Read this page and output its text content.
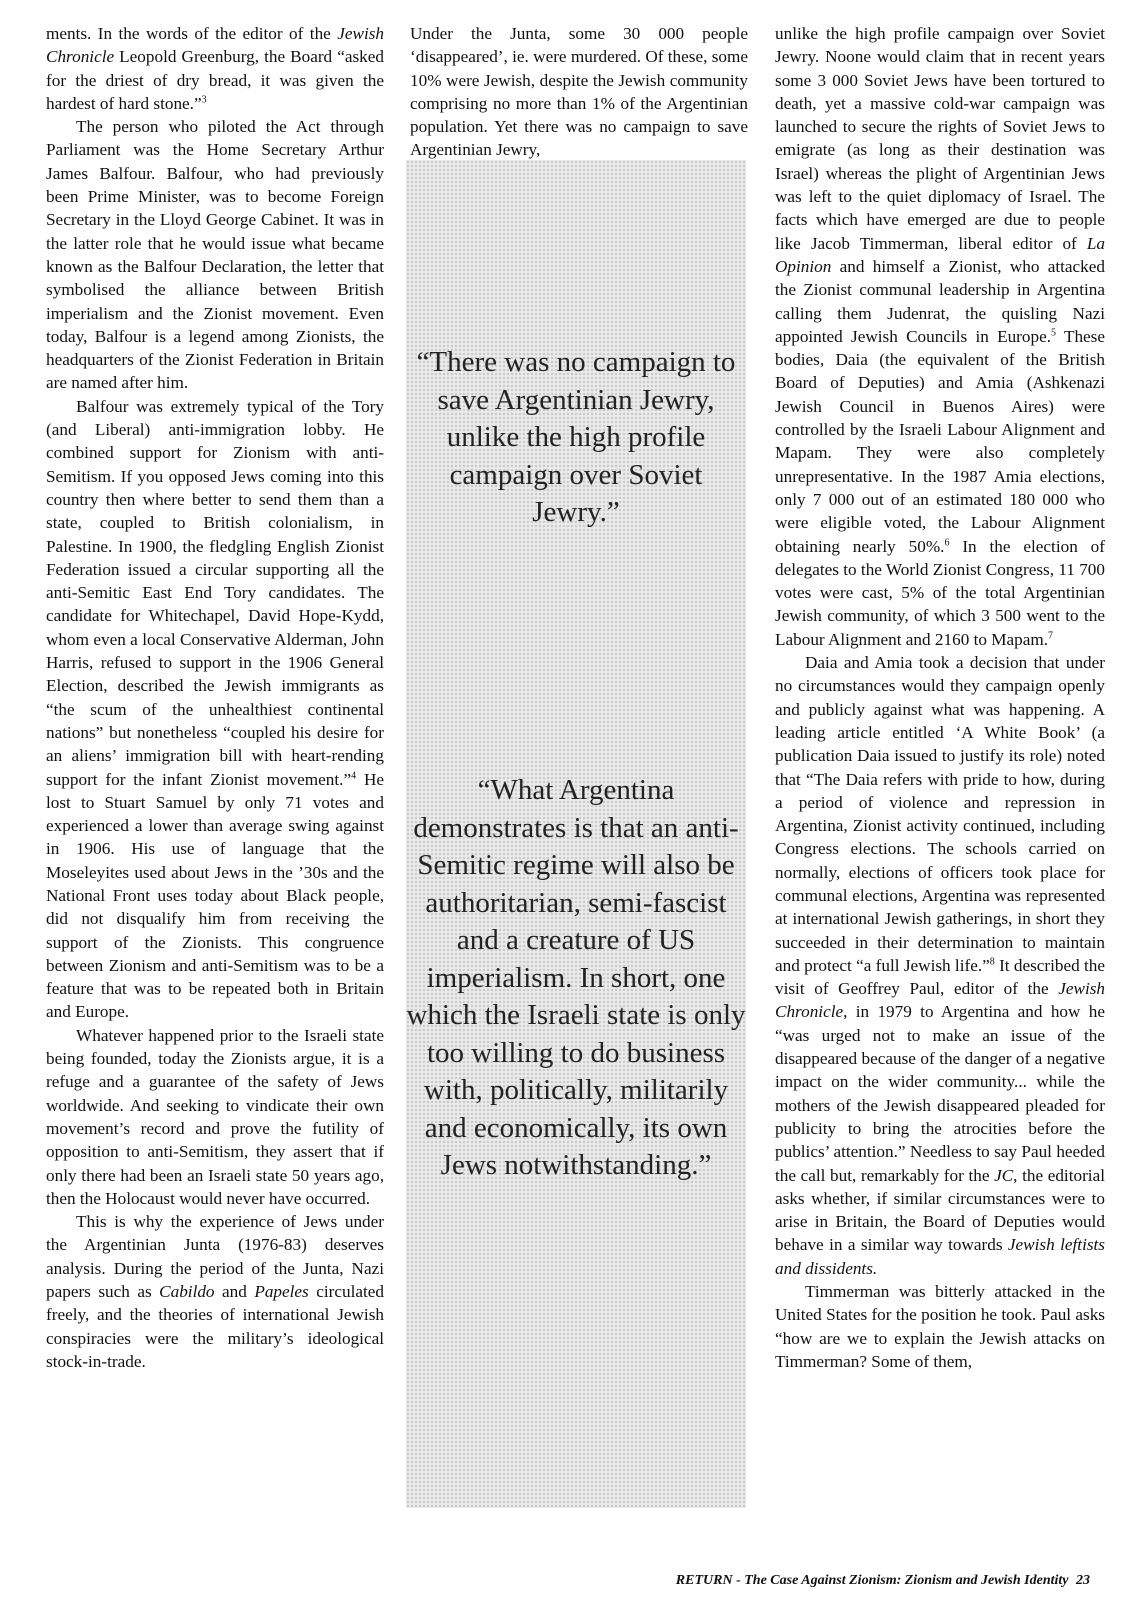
ments. In the words of the editor of the Jewish Chronicle Leopold Greenburg, the Board “asked for the driest of dry bread, it was given the hardest of hard stone.”$^3$

The person who piloted the Act through Parliament was the Home Secretary Arthur James Balfour. Balfour, who had previously been Prime Minister, was to become Foreign Secretary in the Lloyd George Cabinet. It was in the latter role that he would issue what became known as the Balfour Declaration, the letter that symbolised the alliance between British imperialism and the Zionist movement. Even today, Balfour is a legend among Zionists, the headquarters of the Zionist Federation in Britain are named after him.

Balfour was extremely typical of the Tory (and Liberal) anti-immigration lobby. He combined support for Zionism with anti-Semitism. If you opposed Jews coming into this country then where better to send them than a state, coupled to British colonialism, in Palestine. In 1900, the fledgling English Zionist Federation issued a circular supporting all the anti-Semitic East End Tory candidates. The candidate for Whitechapel, David Hope-Kydd, whom even a local Conservative Alderman, John Harris, refused to support in the 1906 General Election, described the Jewish immigrants as “the scum of the unhealthiest continental nations” but nonetheless “coupled his desire for an aliens’ immigration bill with heart-rending support for the infant Zionist movement.”$^4$ He lost to Stuart Samuel by only 71 votes and experienced a lower than average swing against in 1906. His use of language that the Moseleyites used about Jews in the ’30s and the National Front uses today about Black people, did not disqualify him from receiving the support of the Zionists. This congruence between Zionism and anti-Semitism was to be a feature that was to be repeated both in Britain and Europe.

Whatever happened prior to the Israeli state being founded, today the Zionists argue, it is a refuge and a guarantee of the safety of Jews worldwide. And seeking to vindicate their own movement’s record and prove the futility of opposition to anti-Semitism, they assert that if only there had been an Israeli state 50 years ago, then the Holocaust would never have occurred.

This is why the experience of Jews under the Argentinian Junta (1976-83) deserves analysis. During the period of the Junta, Nazi papers such as Cabildo and Papeles circulated freely, and the theories of international Jewish conspiracies were the military’s ideological stock-in-trade.

Under the Junta, some 30 000 people ‘disappeared’, ie. were murdered. Of these, some 10% were Jewish, despite the Jewish community comprising no more than 1% of the Argentinian population. Yet there was no campaign to save Argentinian Jewry,

“There was no campaign to save Argentinian Jewry, unlike the high profile campaign over Soviet Jewry.”
“What Argentina demonstrates is that an anti-Semitic regime will also be authoritarian, semi-fascist and a creature of US imperialism. In short, one which the Israeli state is only too willing to do business with, politically, militarily and economically, its own Jews notwithstanding.”

unlike the high profile campaign over Soviet Jewry. Noone would claim that in recent years some 3 000 Soviet Jews have been tortured to death, yet a massive cold-war campaign was launched to secure the rights of Soviet Jews to emigrate (as long as their destination was Israel) whereas the plight of Argentinian Jews was left to the quiet diplomacy of Israel. The facts which have emerged are due to people like Jacob Timmerman, liberal editor of La Opinion and himself a Zionist, who attacked the Zionist communal leadership in Argentina calling them Judenrat, the quisling Nazi appointed Jewish Councils in Europe.$^5$ These bodies, Daia (the equivalent of the British Board of Deputies) and Amia (Ashkenazi Jewish Council in Buenos Aires) were controlled by the Israeli Labour Alignment and Mapam. They were also completely unrepresentative. In the 1987 Amia elections, only 7 000 out of an estimated 180 000 who were eligible voted, the Labour Alignment obtaining nearly 50%.$^6$ In the election of delegates to the World Zionist Congress, 11 700 votes were cast, 5% of the total Argentinian Jewish community, of which 3 500 went to the Labour Alignment and 2160 to Mapam.$^7$

Daia and Amia took a decision that under no circumstances would they campaign openly and publicly against what was happening. A leading article entitled ‘A White Book’ (a publication Daia issued to justify its role) noted that “The Daia refers with pride to how, during a period of violence and repression in Argentina, Zionist activity continued, including Congress elections. The schools carried on normally, elections of officers took place for communal elections, Argentina was represented at international Jewish gatherings, in short they succeeded in their determination to maintain and protect “a full Jewish life.”$^8$ It described the visit of Geoffrey Paul, editor of the Jewish Chronicle, in 1979 to Argentina and how he “was urged not to make an issue of the disappeared because of the danger of a negative impact on the wider community... while the mothers of the Jewish disappeared pleaded for publicity to bring the atrocities before the publics’ attention.” Needless to say Paul heeded the call but, remarkably for the JC, the editorial asks whether, if similar circumstances were to arise in Britain, the Board of Deputies would behave in a similar way towards Jewish leftists and dissidents.

Timmerman was bitterly attacked in the United States for the position he took. Paul asks “how are we to explain the Jewish attacks on Timmerman? Some of them,

RETURN - The Case Against Zionism: Zionism and Jewish Identity 23
